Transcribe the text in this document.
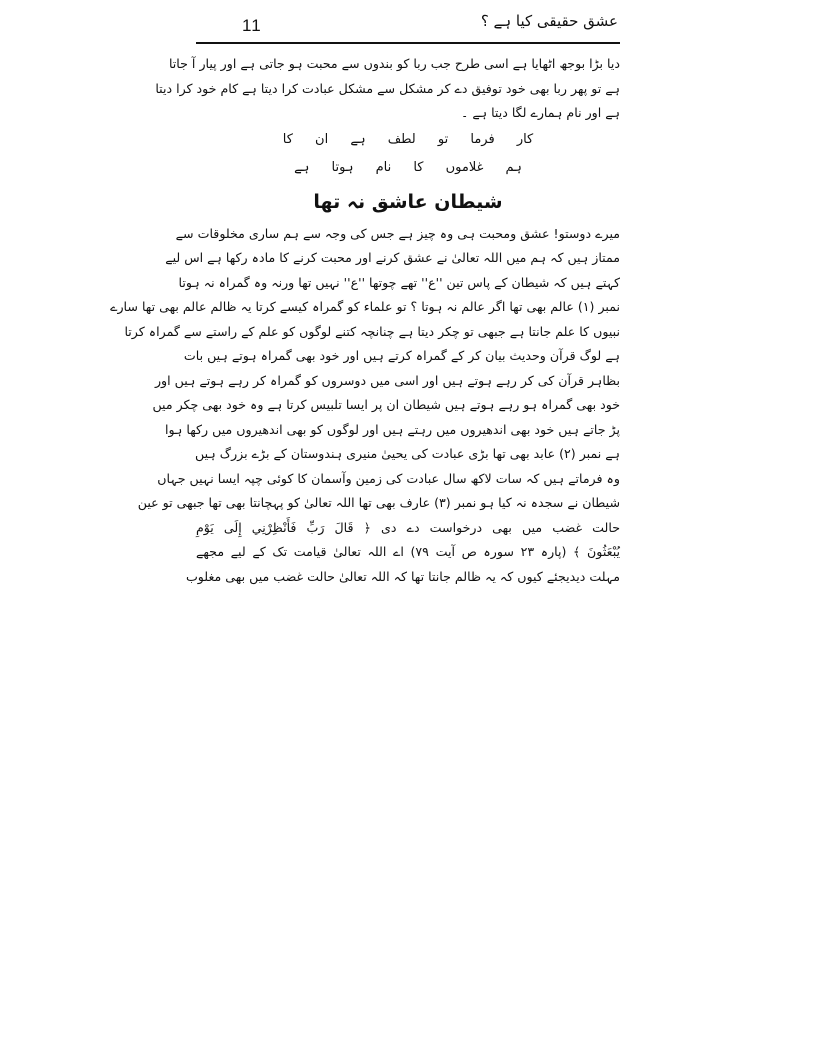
11	عشق حقیقی کیا ہے ؟
دیا بڑا بوجھ اٹھایا ہے اسی طرح جب ربا کو بندوں سے محبت ہو جاتی ہے اور پیار آ جاتا
ہے تو پھر ربا بھی خود توفیق دے کر مشکل سے مشکل عبادت کرا دیتا ہے کام خود کرا دیتا
ہے اور نام ہمارے لگا دیتا ہے ۔
کار فرما تو لطف ہے ان کا
ہم غلاموں کا نام ہوتا ہے
شیطان عاشق نہ تھا
میرے دوستو! عشق ومحبت ہی وہ چیز ہے جس کی وجہ سے ہم ساری مخلوقات سے
ممتاز ہیں کہ ہم میں اللہ تعالیٰ نے عشق کرنے اور محبت کرنے کا مادہ رکھا ہے اس لیے
کہتے ہیں کہ شیطان کے پاس تین ''ع'' تھے چوتھا ''ع'' نہیں تھا ورنہ وہ گمراہ نہ ہوتا
نمبر (۱) عالم بھی تھا اگر عالم نہ ہوتا ؟ تو علماء کو گمراہ کیسے کرتا یہ ظالم عالم بھی تھا سارے
نبیوں کا علم جانتا ہے جبھی تو چکر دیتا ہے چنانچہ کتنے لوگوں کو علم کے راستے سے گمراہ کرتا
ہے لوگ قرآن وحدیث بیان کر کے گمراہ کرتے ہیں اور خود بھی گمراہ ہوتے ہیں بات
بظاہر قرآن کی کر رہے ہوتے ہیں اور اسی میں دوسروں کو گمراہ کر رہے ہوتے ہیں اور
خود بھی گمراہ ہو رہے ہوتے ہیں شیطان ان پر ایسا تلبیس کرتا ہے وہ خود بھی چکر میں
پڑ جاتے ہیں خود بھی اندھیروں میں رہتے ہیں اور لوگوں کو بھی اندھیروں میں رکھا ہوا
ہے نمبر (۲) عابد بھی تھا بڑی عبادت کی یحییٰ منیری ہندوستان کے بڑے بزرگ ہیں
وہ فرماتے ہیں کہ سات لاکھ سال عبادت کی زمین وآسمان کا کوئی چپہ ایسا نہیں جہاں
شیطان نے سجدہ نہ کیا ہو نمبر (۳) عارف بھی تھا اللہ تعالیٰ کو پہچانتا بھی تھا جبھی تو عین
حالت غضب میں بھی درخواست دے دی ﴿ قَالَ رَبِّ فَأَنْظِرْنِي إِلَى يَوْمِ
يُبْعَثُونَ ﴾ (پارہ ۲۳ سورہ ص آیت ۷۹) اے اللہ تعالیٰ قیامت تک کے لیے مجھے
مہلت دیدیجئے کیوں کہ یہ ظالم جانتا تھا کہ اللہ تعالیٰ حالت غضب میں بھی مغلوب
